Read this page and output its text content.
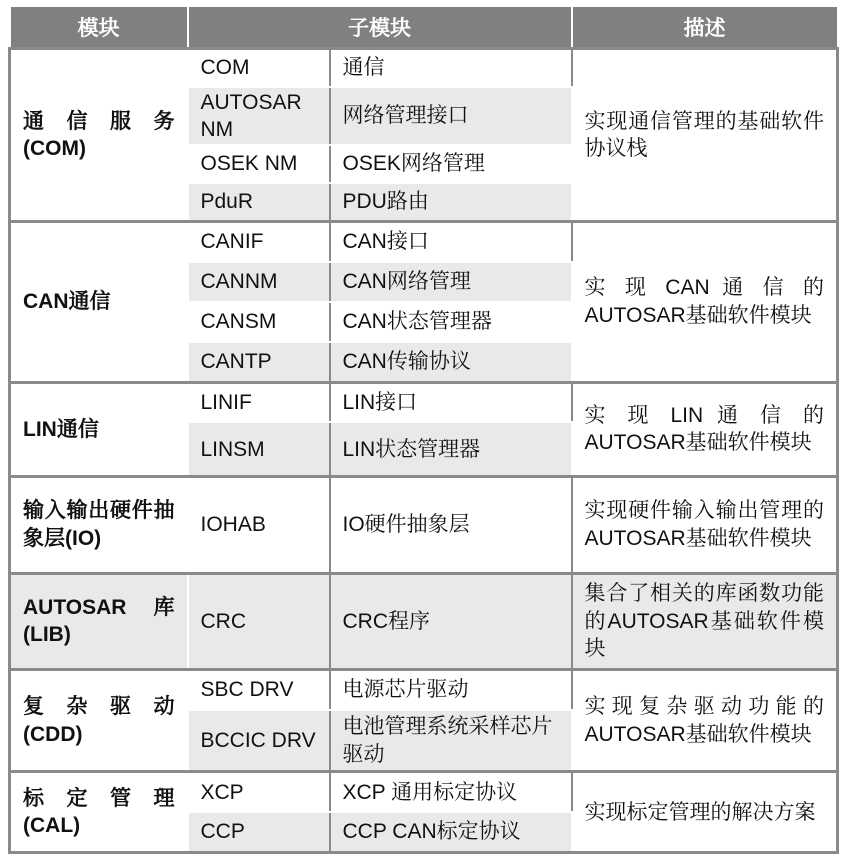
模块	子模块		描述
通 信 服 务 (COM)	COM	通信	实现通信管理的基础软件协议栈
	AUTOSAR NM	网络管理接口	
	OSEK NM	OSEK网络管理	
	PduR	PDU路由	
CAN通信	CANIF	CAN接口	实 现 CAN 通 信 的 AUTOSAR基础软件模块
	CANNM	CAN网络管理	
	CANSM	CAN状态管理器	
	CANTP	CAN传输协议	
LIN通信	LINIF	LIN接口	实 现 LIN 通 信 的 AUTOSAR基础软件模块
	LINSM	LIN状态管理器	
输入输出硬件抽象层(IO)	IOHAB	IO硬件抽象层	实现硬件输入输出管理的AUTOSAR基础软件模块
AUTOSAR 库 (LIB)	CRC	CRC程序	集合了相关的库函数功能的AUTOSAR基础软件模块
复 杂 驱 动 (CDD)	SBC DRV	电源芯片驱动	实现复杂驱动功能的AUTOSAR基础软件模块
	BCCIC DRV	电池管理系统采样芯片驱动	
标 定 管 理 (CAL)	XCP	XCP 通用标定协议	实现标定管理的解决方案
	CCP	CCP CAN标定协议	
